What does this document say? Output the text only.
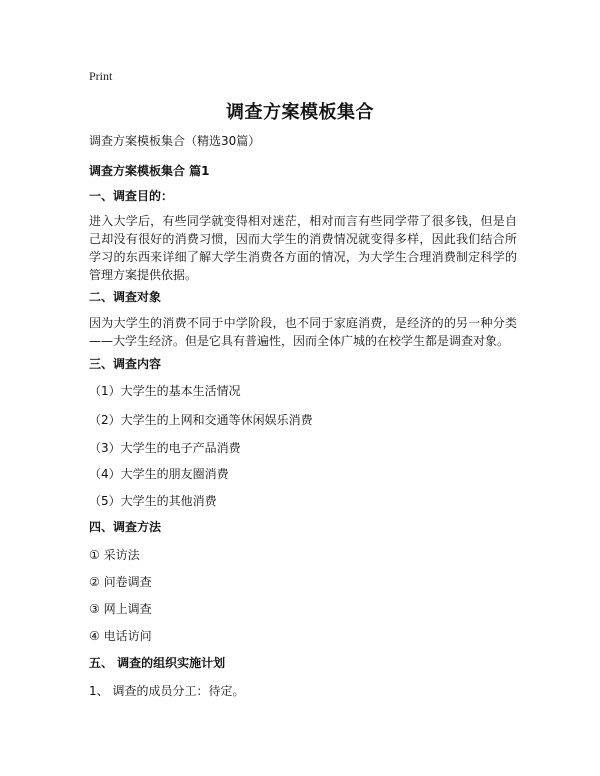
Print
调查方案模板集合
调查方案模板集合（精选30篇）
调查方案模板集合 篇1
一、调查目的：
进入大学后，有些同学就变得相对迷茫，相对而言有些同学带了很多钱，但是自己却没有很好的消费习惯，因而大学生的消费情况就变得多样，因此我们结合所学习的东西来详细了解大学生消费各方面的情况，为大学生合理消费制定科学的管理方案提供依据。
二、调查对象
因为大学生的消费不同于中学阶段，也不同于家庭消费，是经济的的另一种分类——大学生经济。但是它具有普遍性，因而全体广城的在校学生都是调查对象。
三、调查内容
（1）大学生的基本生活情况
（2）大学生的上网和交通等休闲娱乐消费
（3）大学生的电子产品消费
（4）大学生的朋友圈消费
（5）大学生的其他消费
四、调查方法
① 采访法
② 问卷调查
③ 网上调查
④ 电话访问
五、 调查的组织实施计划
1、 调查的成员分工：待定。
